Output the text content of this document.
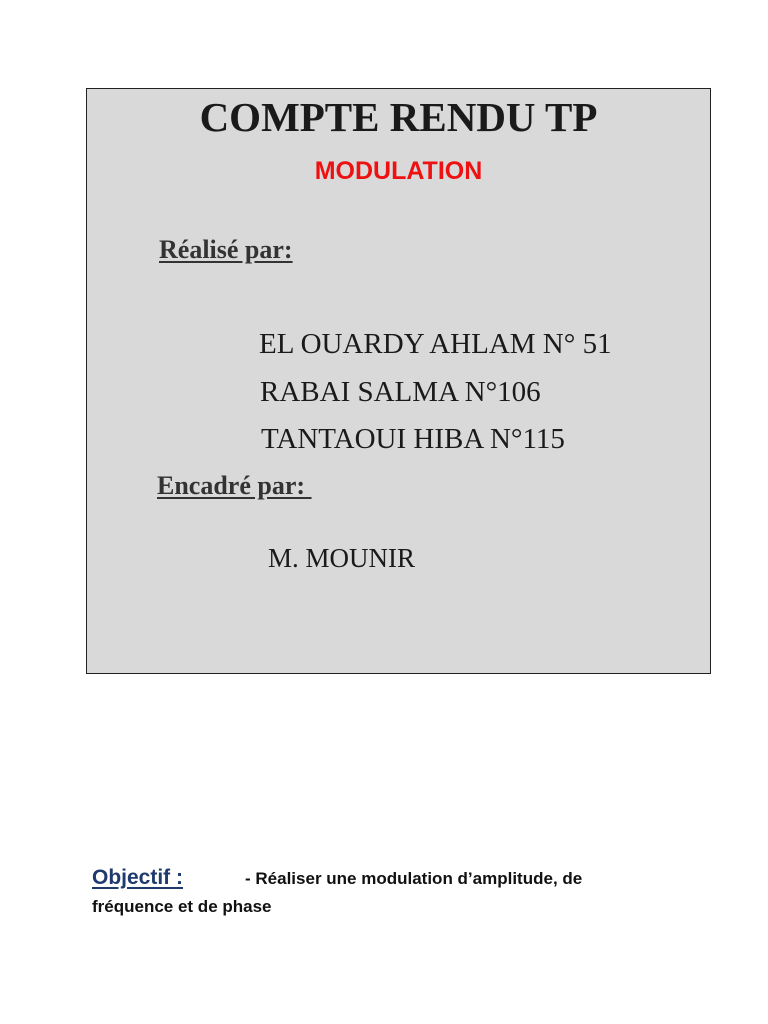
COMPTE RENDU TP
MODULATION
Réalisé par:
EL OUARDY AHLAM N° 51
RABAI SALMA N°106
TANTAOUI HIBA N°115
Encadré par:
M. MOUNIR
Objectif :	- Réaliser une modulation d’amplitude, de fréquence et de phase
